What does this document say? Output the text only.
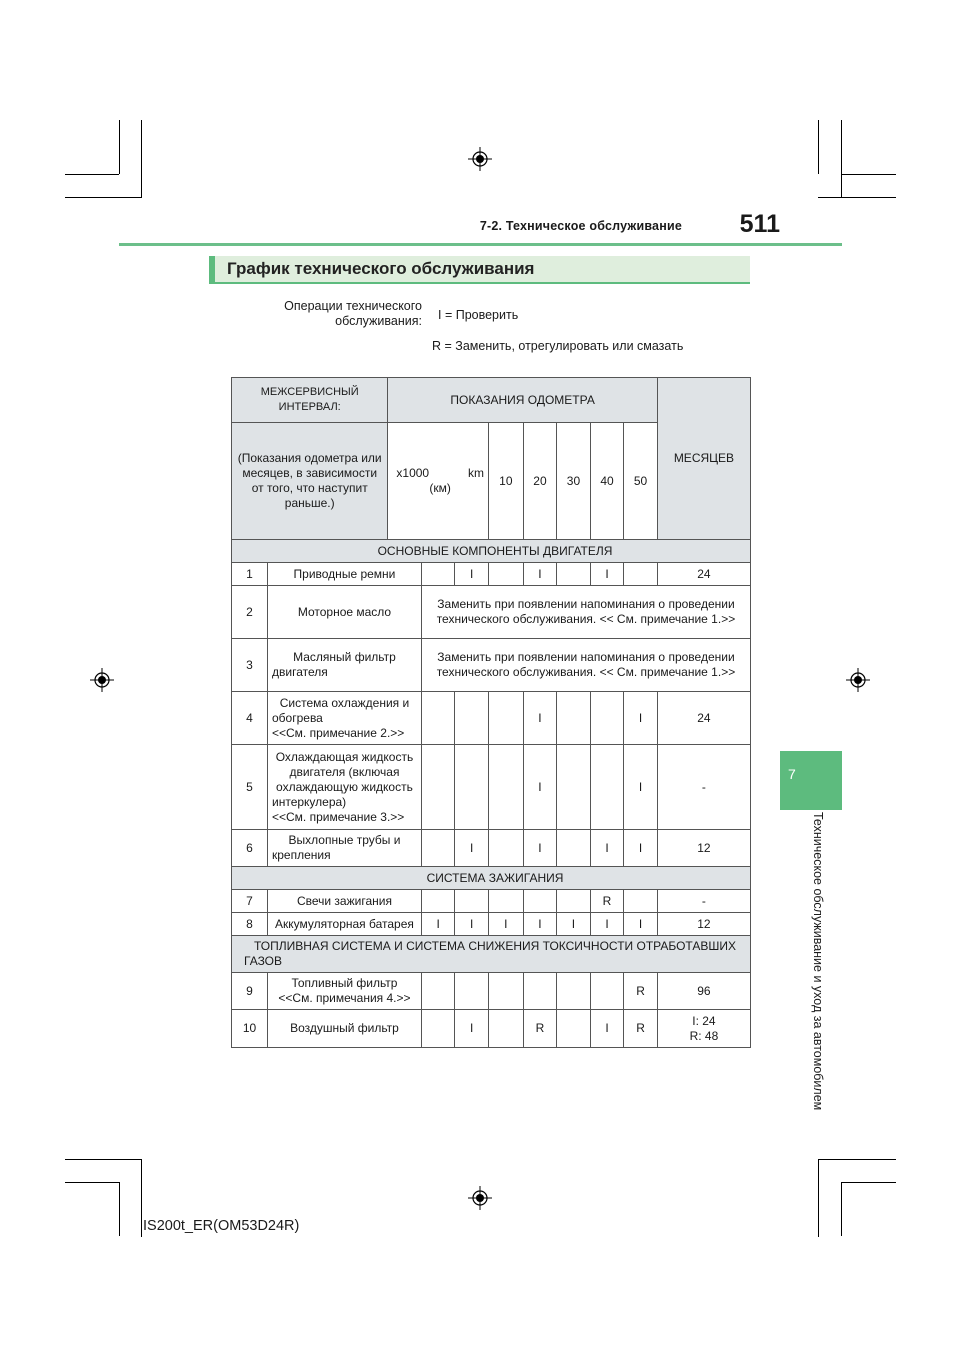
7-2. Техническое обслуживание	511
7
Техническое обслуживание и уход за автомобилем
График технического обслуживания
Операции технического
обслуживания: I = Проверить
R = Заменить, отрегулировать или смазать
МЕЖСЕРВИСНЫЙ ИНТЕРВАЛ:		ПОКАЗАНИЯ ОДОМЕТРА								МЕСЯЦЕВ
(Показания одометра или месяцев, в зависимости от того, что наступит раньше.)		x1000 km
(км)			10	20	30	40	50	
ОСНОВНЫЕ КОМПОНЕНТЫ ДВИГАТЕЛЯ										
1	Приводные ремни			I		I		I		24
2	Моторное масло		Заменить при появлении напоминания о проведении технического обслуживания. << См. примечание 1.>>							
3	Масляный фильтр двигателя		Заменить при появлении напоминания о проведении технического обслуживания. << См. примечание 1.>>							
4	Система охлаждения и обогрева
<<См. примечание 2.>>					I			I	24
5	Охлаждающая жидкость двигателя (включая охлаждающую жидкость интеркулера)
<<См. примечание 3.>>					I			I	-
6	Выхлопные трубы и крепления			I		I		I	I	12
СИСТЕМА ЗАЖИГАНИЯ										
7	Свечи зажигания							R		-
8	Аккумуляторная батарея		I	I	I	I	I	I	I	12
ТОПЛИВНАЯ СИСТЕМА И СИСТЕМА СНИЖЕНИЯ ТОКСИЧНОСТИ ОТРАБОТАВШИХ ГАЗОВ										
9	Топливный фильтр
<<См. примечания 4.>>								R	96
10	Воздушный фильтр			I		R		I	R	I: 24
R: 48
IS200t_ER(OM53D24R)
